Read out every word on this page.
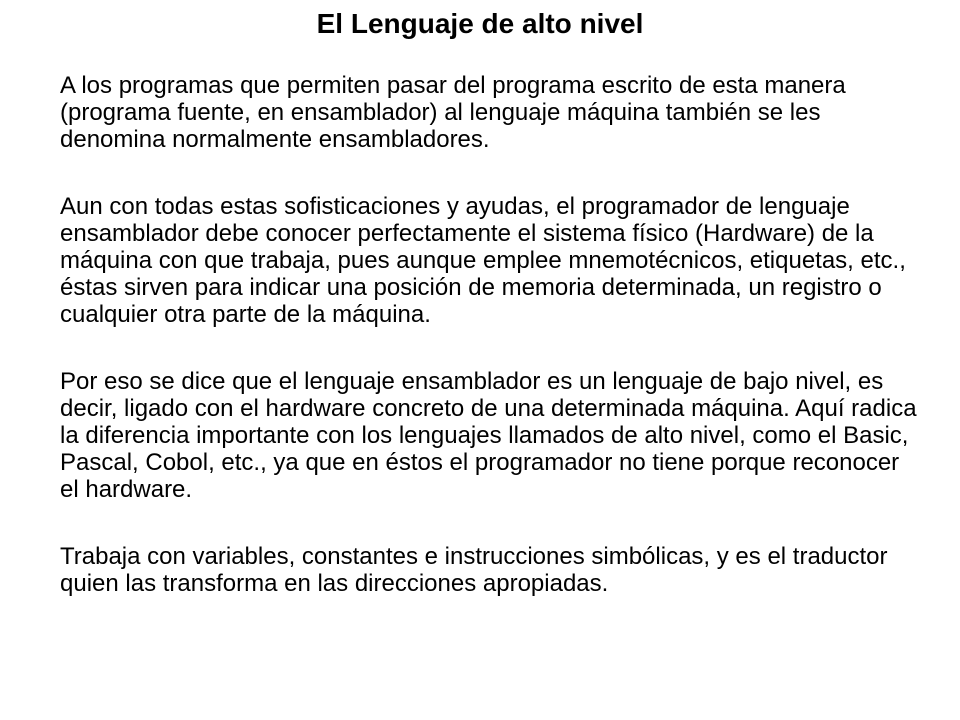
El Lenguaje de alto nivel

A los programas que permiten pasar del programa escrito de esta manera (programa fuente, en ensamblador) al lenguaje máquina también se les denomina normalmente ensambladores.

Aun con todas estas sofisticaciones y ayudas, el programador de lenguaje ensamblador debe conocer perfectamente el sistema físico (Hardware) de la máquina con que trabaja, pues aunque emplee mnemotécnicos, etiquetas, etc., éstas sirven para indicar una posición de memoria determinada, un registro o cualquier otra parte de la máquina.

Por eso se dice que el lenguaje ensamblador es un lenguaje de bajo nivel, es decir, ligado con el hardware concreto de una determinada máquina. Aquí radica la diferencia importante con los lenguajes llamados de alto nivel, como el Basic, Pascal, Cobol, etc., ya que en éstos el programador no tiene porque reconocer el hardware.

Trabaja con variables, constantes e instrucciones simbólicas, y es el traductor quien las transforma en las direcciones apropiadas.
